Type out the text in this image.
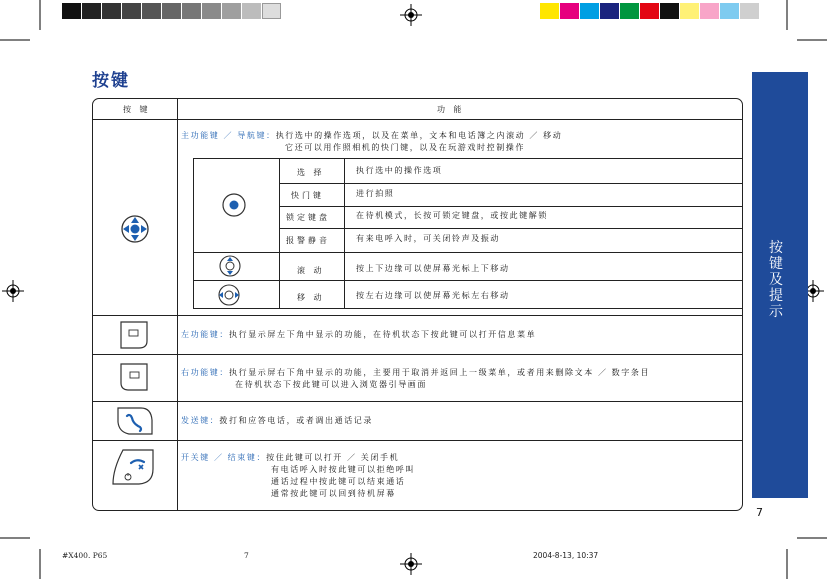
按键
按 键	功 能
主功能键 ／ 导航键：执行选中的操作选项，以及在菜单，文本和电话簿之内滚动 ／ 移动
它还可以用作照相机的快门键，以及在玩游戏时控制操作
选 择	执行选中的操作选项
快门键	进行拍照
锁定键盘	在待机模式，长按可锁定键盘，或按此键解锁
报警静音	有来电呼入时，可关闭铃声及振动
滚 动	按上下边缘可以使屏幕光标上下移动
移 动	按左右边缘可以使屏幕光标左右移动
左功能键：执行显示屏左下角中显示的功能，在待机状态下按此键可以打开信息菜单
右功能键：执行显示屏右下角中显示的功能，主要用于取消并返回上一级菜单，或者用来删除文本 ／ 数字条目
在待机状态下按此键可以进入浏览器引导画面
发送键：拨打和应答电话，或者调出通话记录
开关键 ／ 结束键：按住此键可以打开 ／ 关闭手机
有电话呼入时按此键可以拒绝呼叫
通话过程中按此键可以结束通话
通常按此键可以回到待机屏幕
按键及提示
7
#X400. P65	7	2004-8-13, 10:37
